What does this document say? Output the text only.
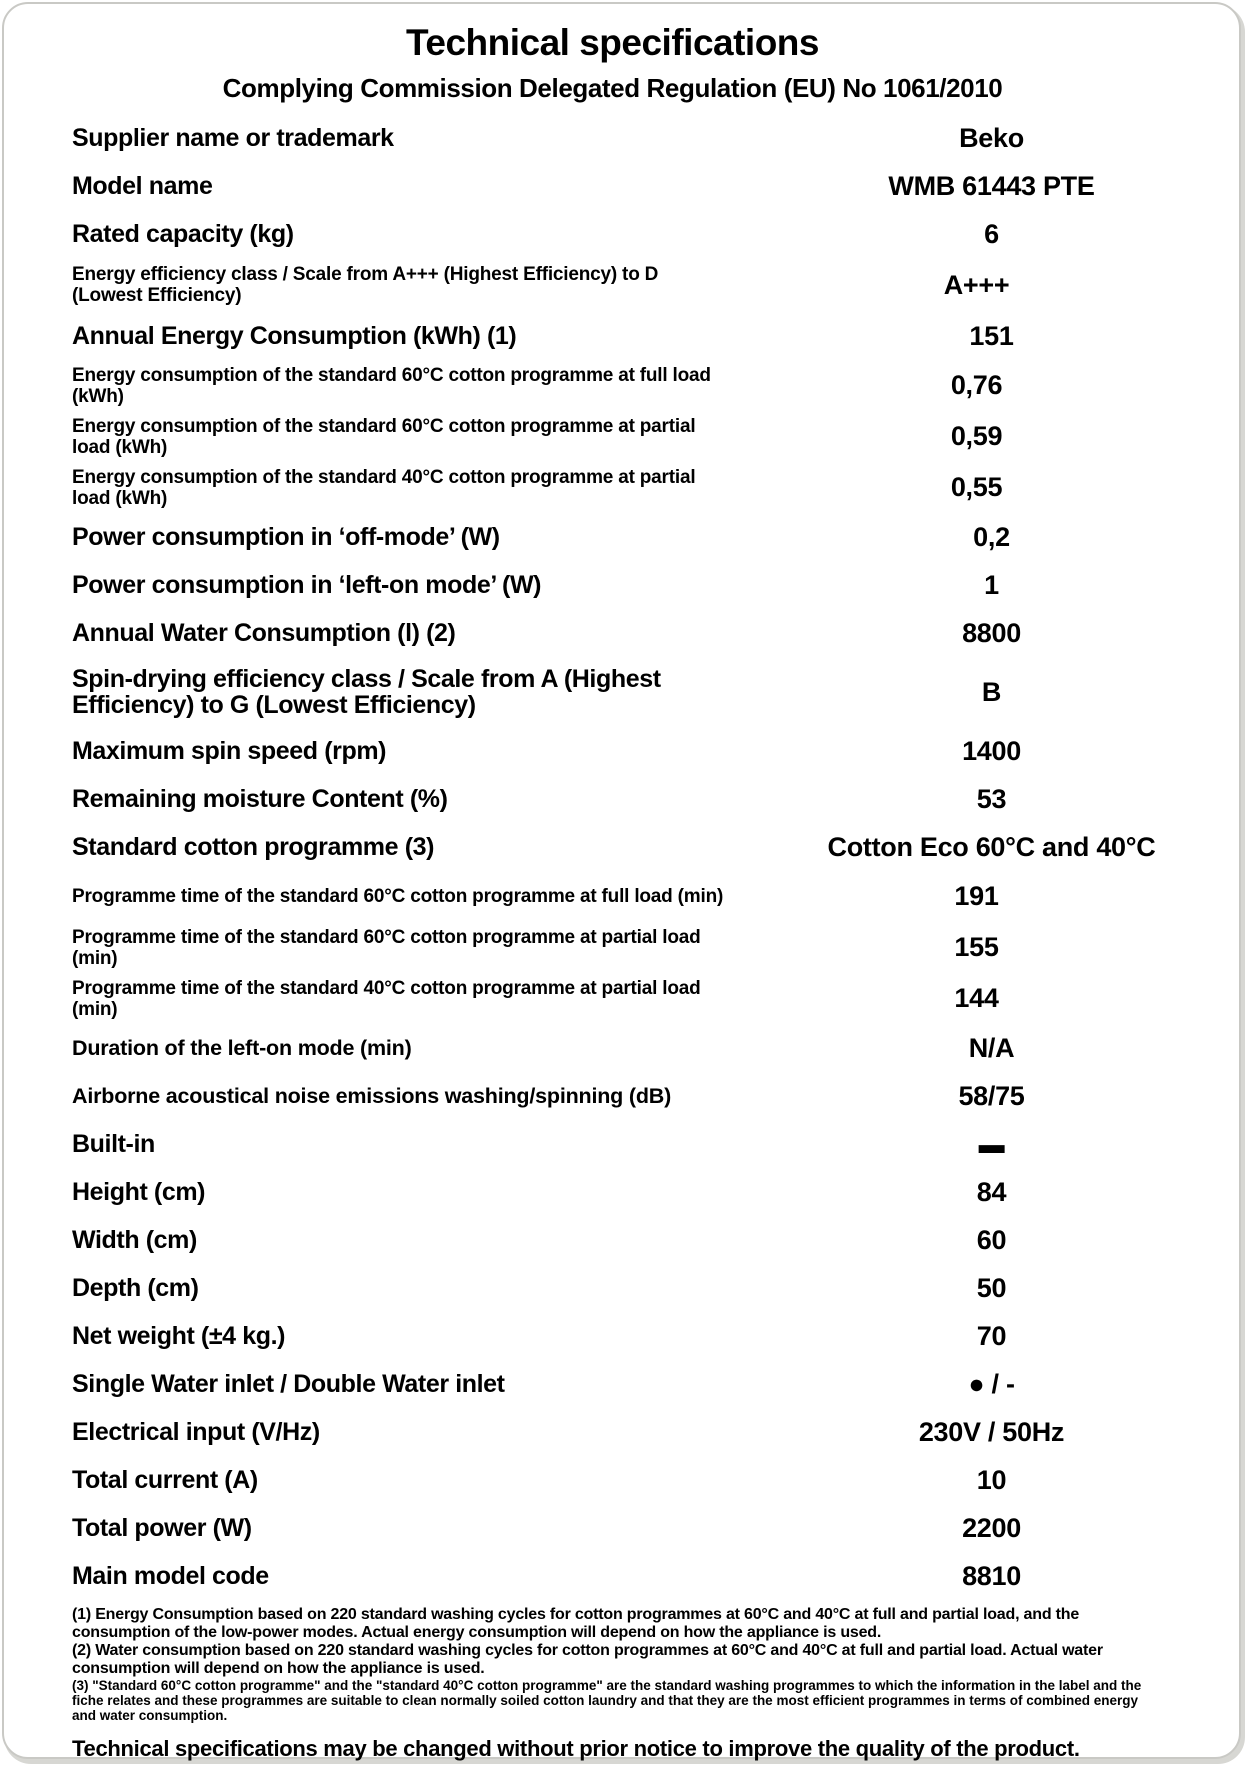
Technical specifications
Complying Commission Delegated Regulation (EU) No 1061/2010
Supplier name or trademark	Beko
Model name	WMB 61443 PTE
Rated capacity (kg)	6
Energy efficiency class / Scale from A+++ (Highest Efficiency) to D (Lowest Efficiency)	A+++
Annual Energy Consumption (kWh) (1)	151
Energy consumption of the standard 60°C cotton programme at full load (kWh)	0,76
Energy consumption of the standard 60°C cotton programme at partial load (kWh)	0,59
Energy consumption of the standard 40°C cotton programme at partial load (kWh)	0,55
Power consumption in ‘off-mode’ (W)	0,2
Power consumption in ‘left-on mode’ (W)	1
Annual Water Consumption (l) (2)	8800
Spin-drying efficiency class / Scale from A (Highest Efficiency) to G (Lowest Efficiency)	B
Maximum spin speed (rpm)	1400
Remaining moisture Content (%)	53
Standard cotton programme (3)	Cotton Eco 60°C and 40°C
Programme time of the standard 60°C cotton programme at full load (min)	191
Programme time of the standard 60°C cotton programme at partial load (min)	155
Programme time of the standard 40°C cotton programme at partial load (min)	144
Duration of the left-on mode (min)	N/A
Airborne acoustical noise emissions washing/spinning (dB)	58/75
Built-in	▬
Height (cm)	84
Width (cm)	60
Depth (cm)	50
Net weight (±4 kg.)	70
Single Water inlet / Double Water inlet	● / -
Electrical input (V/Hz)	230V / 50Hz
Total current (A)	10
Total power (W)	2200
Main model code	8810

(1) Energy Consumption based on 220 standard washing cycles for cotton programmes at 60°C and 40°C at full and partial load, and the consumption of the low-power modes. Actual energy consumption will depend on how the appliance is used.

(2) Water consumption based on 220 standard washing cycles for cotton programmes at 60°C and 40°C at full and partial load. Actual water consumption will depend on how the appliance is used.

(3) "Standard 60°C cotton programme" and the "standard 40°C cotton programme" are the standard washing programmes to which the information in the label and the fiche relates and these programmes are suitable to clean normally soiled cotton laundry and that they are the most efficient programmes in terms of combined energy and water consumption.

Technical specifications may be changed without prior notice to improve the quality of the product.
